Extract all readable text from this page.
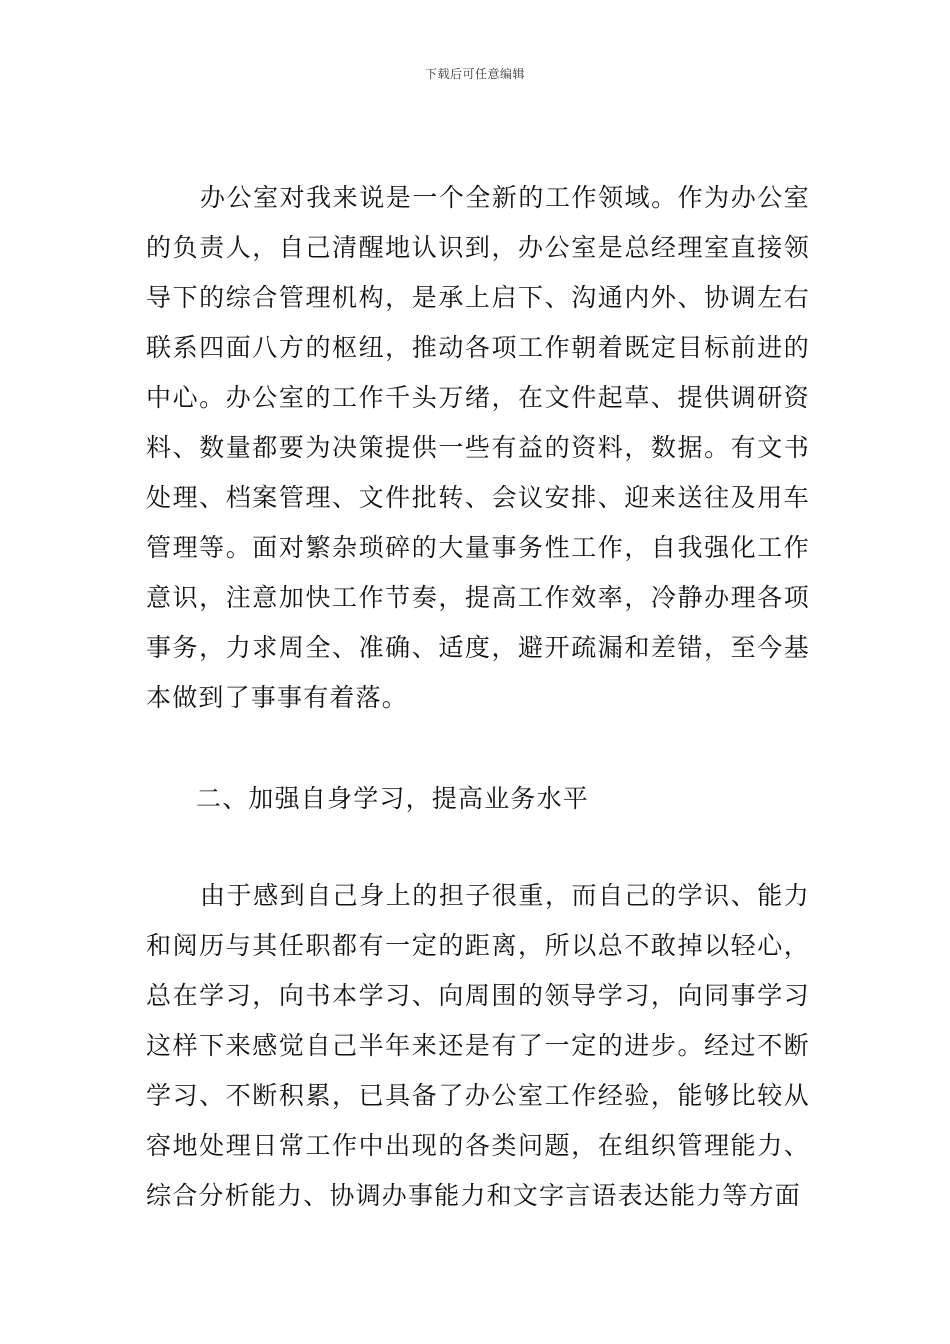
下载后可任意编辑

办公室对我来说是一个全新的工作领域。作为办公室的负责人，自己清醒地认识到，办公室是总经理室直接领导下的综合管理机构，是承上启下、沟通内外、协调左右联系四面八方的枢纽，推动各项工作朝着既定目标前进的中心。办公室的工作千头万绪，在文件起草、提供调研资料、数量都要为决策提供一些有益的资料，数据。有文书处理、档案管理、文件批转、会议安排、迎来送往及用车管理等。面对繁杂琐碎的大量事务性工作，自我强化工作意识，注意加快工作节奏，提高工作效率，冷静办理各项事务，力求周全、准确、适度，避开疏漏和差错，至今基本做到了事事有着落。

二、加强自身学习，提高业务水平

由于感到自己身上的担子很重，而自己的学识、能力和阅历与其任职都有一定的距离，所以总不敢掉以轻心，总在学习，向书本学习、向周围的领导学习，向同事学习这样下来感觉自己半年来还是有了一定的进步。经过不断学习、不断积累，已具备了办公室工作经验，能够比较从容地处理日常工作中出现的各类问题，在组织管理能力、综合分析能力、协调办事能力和文字言语表达能力等方面
